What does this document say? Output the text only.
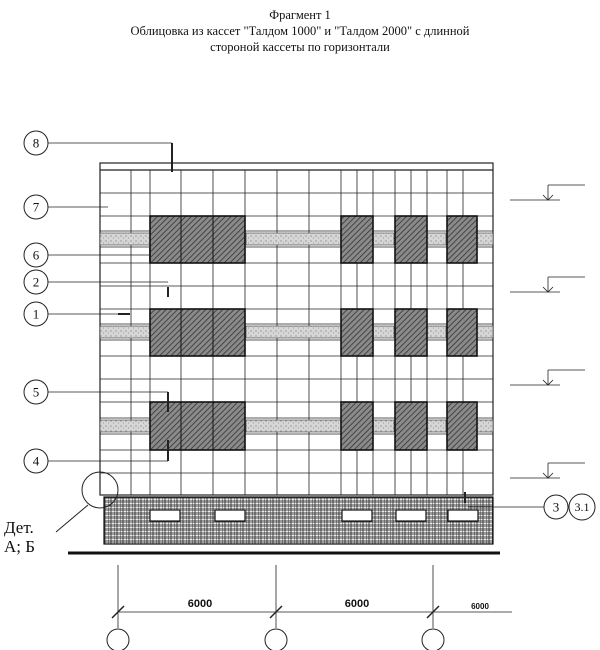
Фрагмент 1
Облицовка из кассет "Талдом 1000" и "Талдом 2000" с длинной
стороной кассеты по горизонтали
8
7
6
2
1
5
4
3 3.1
6000	6000	6000
Дет.
А; Б
